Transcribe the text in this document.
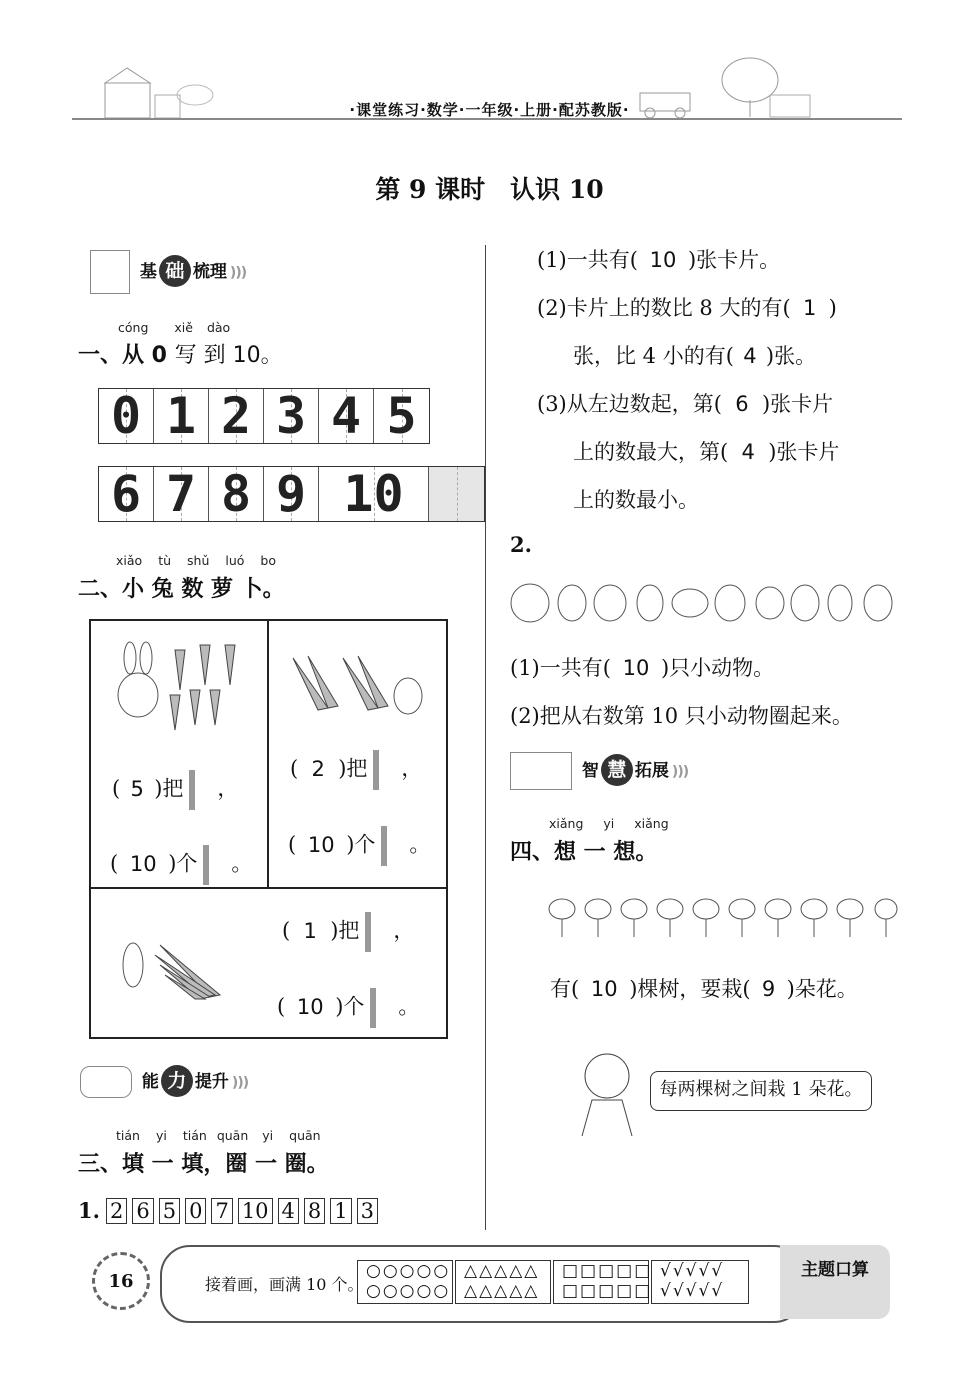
·课堂练习·数学·一年级·上册·配苏教版·
第 9 课时　认识 10
基 础 梳理 )))
cóng xiě dào
一、从 0 写 到 10。
0 1 2 3 4 5
6 7 8 9 10
xiǎo tù shǔ luó bo
二、小 兔 数 萝 卜。
( 5 )把 ，
( 10 )个 。
( 2 )把 ，
( 10 )个 。
( 1 )把 ，
( 10 )个 。
能 力 提升 )))
tián yi tián quān yi quān
三、填 一 填，圈 一 圈。
1. 2 6 5 0 7 10 4 8 1 3
(1)一共有( 10 )张卡片。
(2)卡片上的数比 8 大的有( 1 )
张，比 4 小的有( 4 )张。
(3)从左边数起，第( 6 )张卡片
上的数最大，第( 4 )张卡片
上的数最小。
2.
(1)一共有( 10 )只小动物。
(2)把从右数第 10 只小动物圈起来。
智 慧 拓展 )))
xiǎng yi xiǎng
四、想 一 想。
有( 10 )棵树，要栽( 9 )朵花。
每两棵树之间栽 1 朵花。
16	接着画，画满 10 个。
○○○○○
○○○○○
△△△△△
△△△△△
□□□□□
□□□□□
√√√√√
√√√√√
主题口算
